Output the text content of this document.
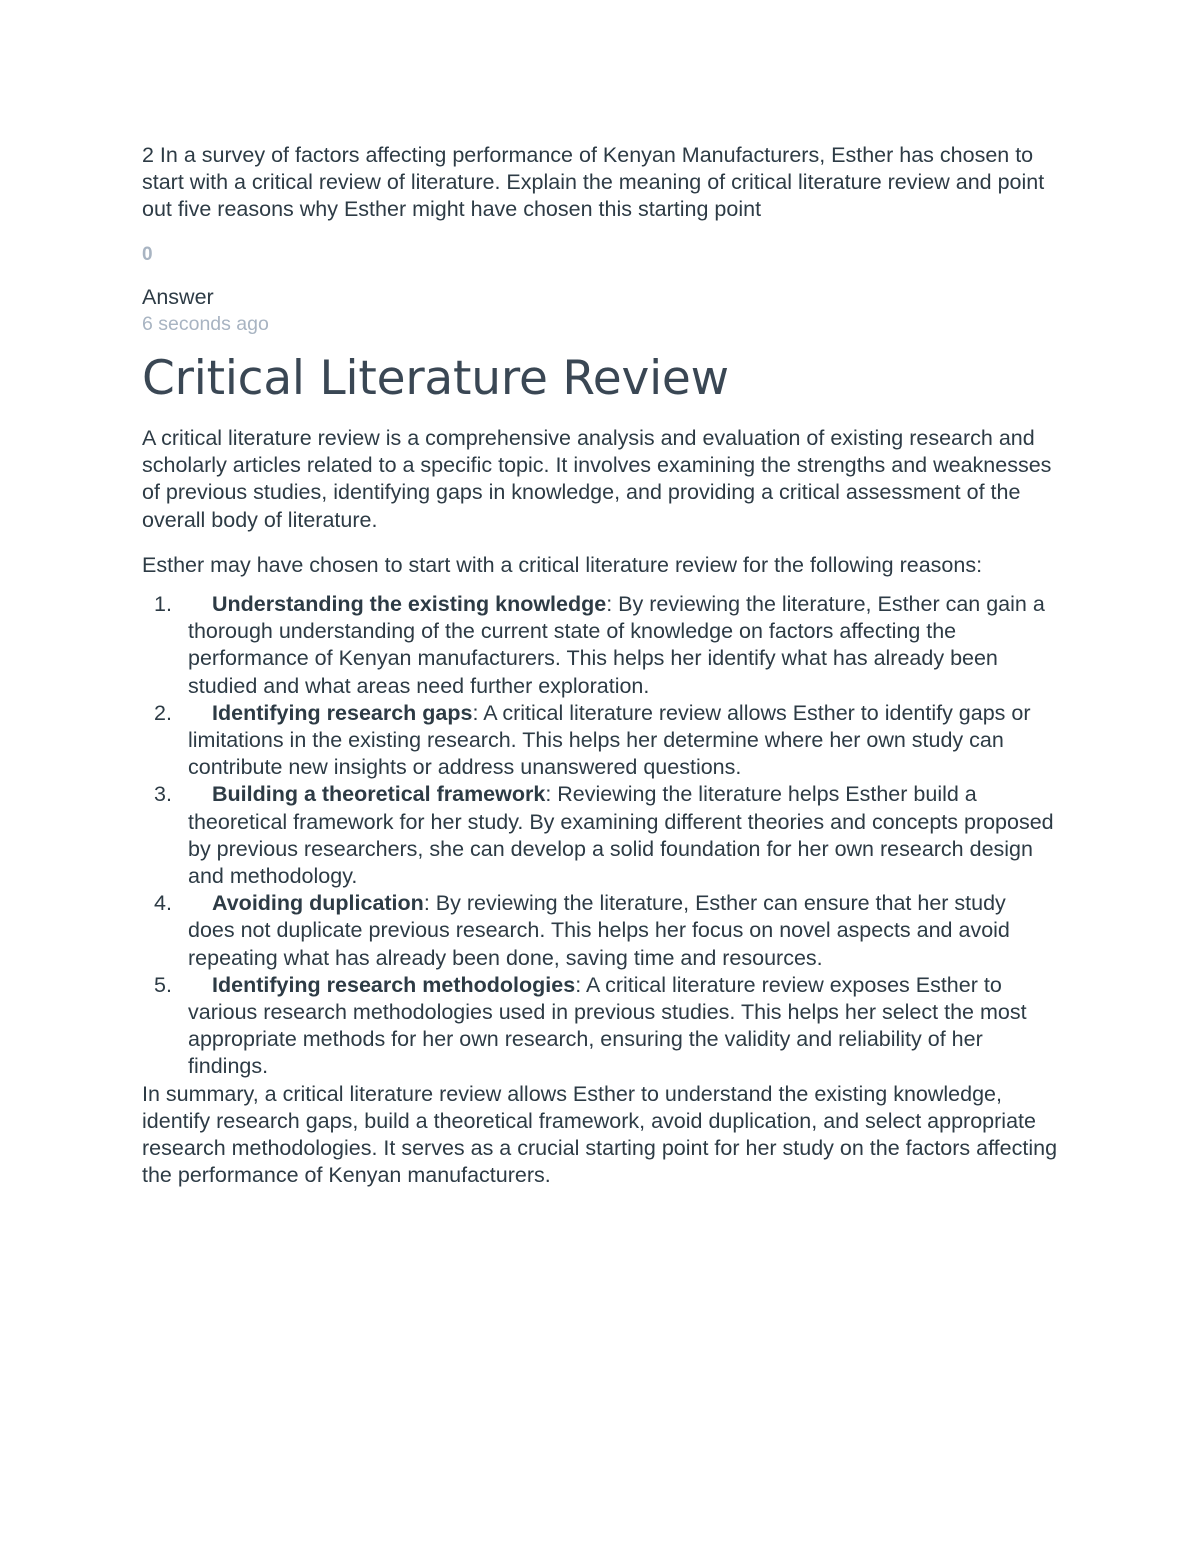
2 In a survey of factors affecting performance of Kenyan Manufacturers, Esther has chosen to start with a critical review of literature. Explain the meaning of critical literature review and point out five reasons why Esther might have chosen this starting point

0
Answer
6 seconds ago
Critical Literature Review

A critical literature review is a comprehensive analysis and evaluation of existing research and scholarly articles related to a specific topic. It involves examining the strengths and weaknesses of previous studies, identifying gaps in knowledge, and providing a critical assessment of the overall body of literature.

Esther may have chosen to start with a critical literature review for the following reasons:

1. Understanding the existing knowledge: By reviewing the literature, Esther can gain a thorough understanding of the current state of knowledge on factors affecting the performance of Kenyan manufacturers. This helps her identify what has already been studied and what areas need further exploration.
2. Identifying research gaps: A critical literature review allows Esther to identify gaps or limitations in the existing research. This helps her determine where her own study can contribute new insights or address unanswered questions.
3. Building a theoretical framework: Reviewing the literature helps Esther build a theoretical framework for her study. By examining different theories and concepts proposed by previous researchers, she can develop a solid foundation for her own research design and methodology.
4. Avoiding duplication: By reviewing the literature, Esther can ensure that her study does not duplicate previous research. This helps her focus on novel aspects and avoid repeating what has already been done, saving time and resources.
5. Identifying research methodologies: A critical literature review exposes Esther to various research methodologies used in previous studies. This helps her select the most appropriate methods for her own research, ensuring the validity and reliability of her findings.

In summary, a critical literature review allows Esther to understand the existing knowledge, identify research gaps, build a theoretical framework, avoid duplication, and select appropriate research methodologies. It serves as a crucial starting point for her study on the factors affecting the performance of Kenyan manufacturers.
